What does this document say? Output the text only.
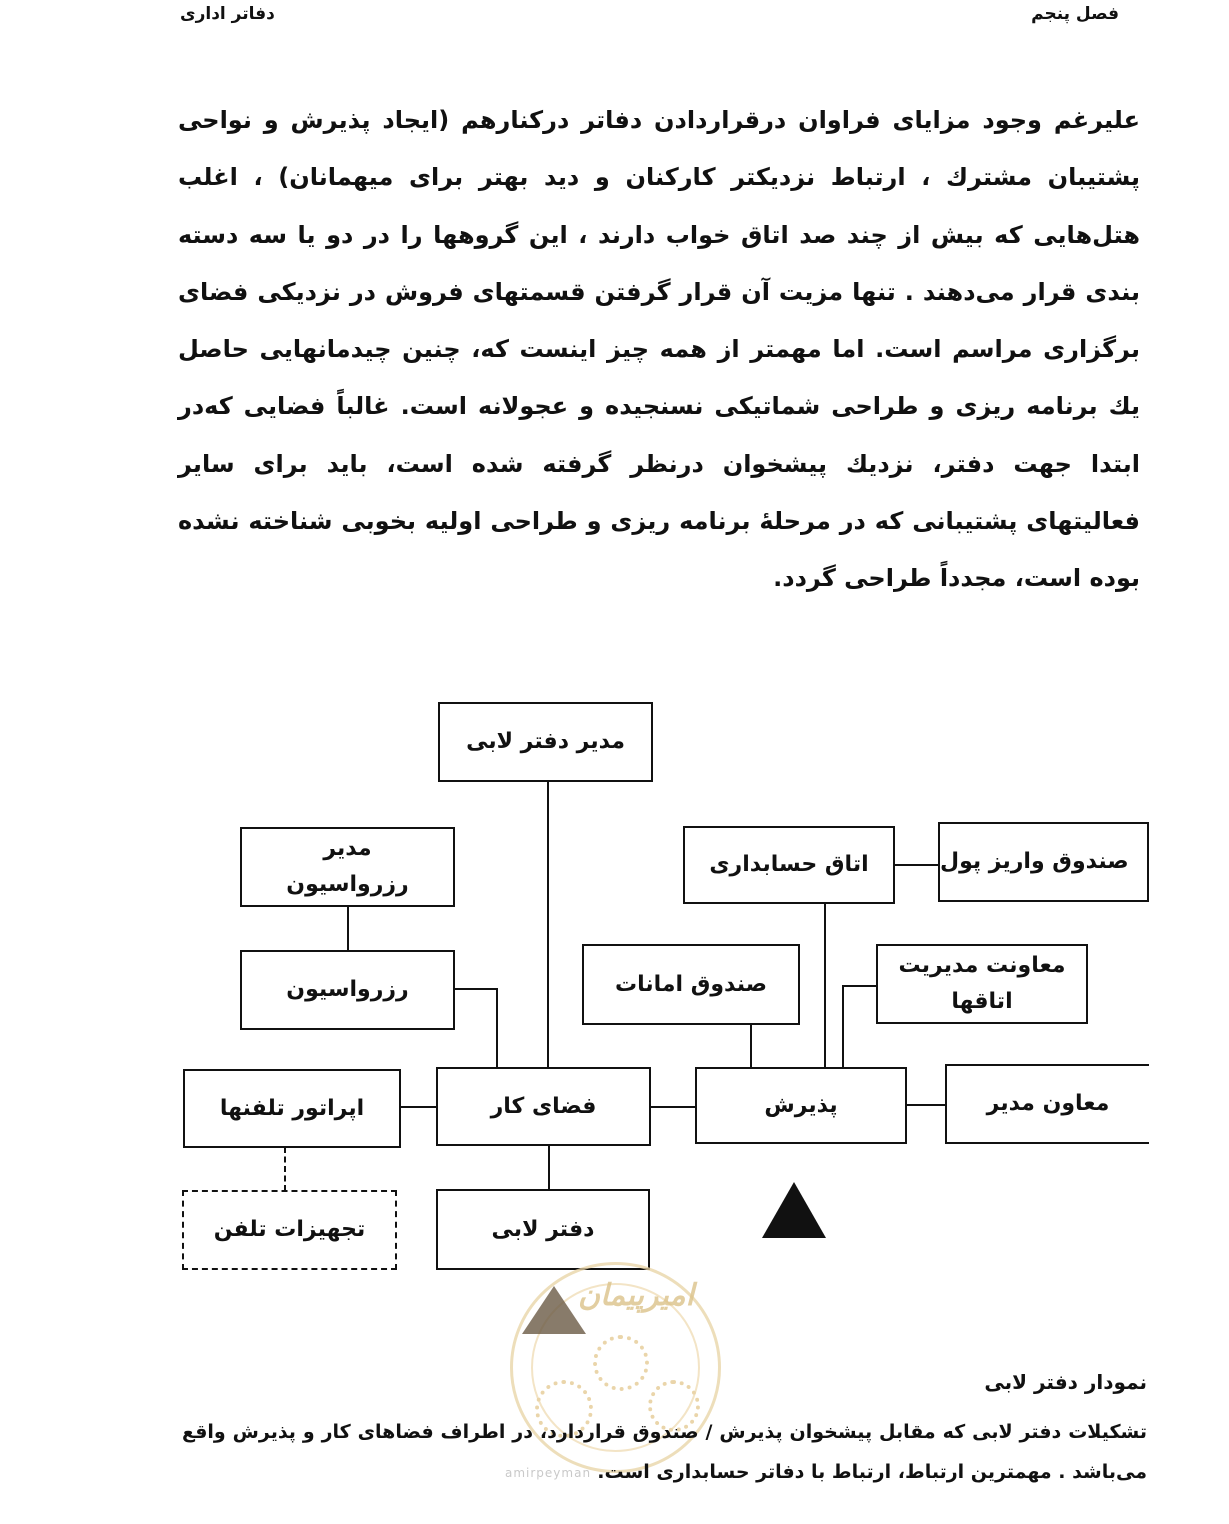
دفاتر اداری	فصل پنجم
علیرغم وجود مزایای فراوان درقراردادن دفاتر درکنارهم (ایجاد پذیرش و نواحی پشتیبان مشترك ، ارتباط نزدیکتر کارکنان و دید بهتر برای میهمانان) ، اغلب هتل‌هایی که بیش از چند صد اتاق خواب دارند ، این گروهها را در دو یا سه دسته بندی قرار می‌دهند . تنها مزیت آن قرار گرفتن قسمتهای فروش در نزدیکی فضای برگزاری مراسم است. اما مهمتر از همه چیز اینست که، چنین چیدمانهایی حاصل یك برنامه ریزی و طراحی شماتیکی نسنجیده و عجولانه است. غالباً فضایی که‌در ابتدا جهت دفتر، نزدیك پیشخوان درنظر گرفته شده است، باید برای سایر فعالیتهای پشتیبانی که در مرحلهٔ برنامه ریزی و طراحی اولیه بخوبی شناخته نشده بوده است، مجدداً طراحی گردد.
مدیر دفتر لابی
مدیر رزرواسیون
رزرواسیون
اتاق حسابداری	صندوق واریز پول
صندوق امانات
معاونت مدیریت اتاقها
اپراتور تلفنها	فضای کار	پذیرش	معاون مدیر
تجهیزات تلفن	دفتر لابی
امیرپیمان
amirpeyman
نمودار دفتر لابی
تشکیلات دفتر لابی که مقابل پیشخوان پذیرش / صندوق قراردارد، در اطراف فضاهای کار و پذیرش واقع می‌باشد . مهمترین ارتباط، ارتباط با دفاتر حسابداری است.
